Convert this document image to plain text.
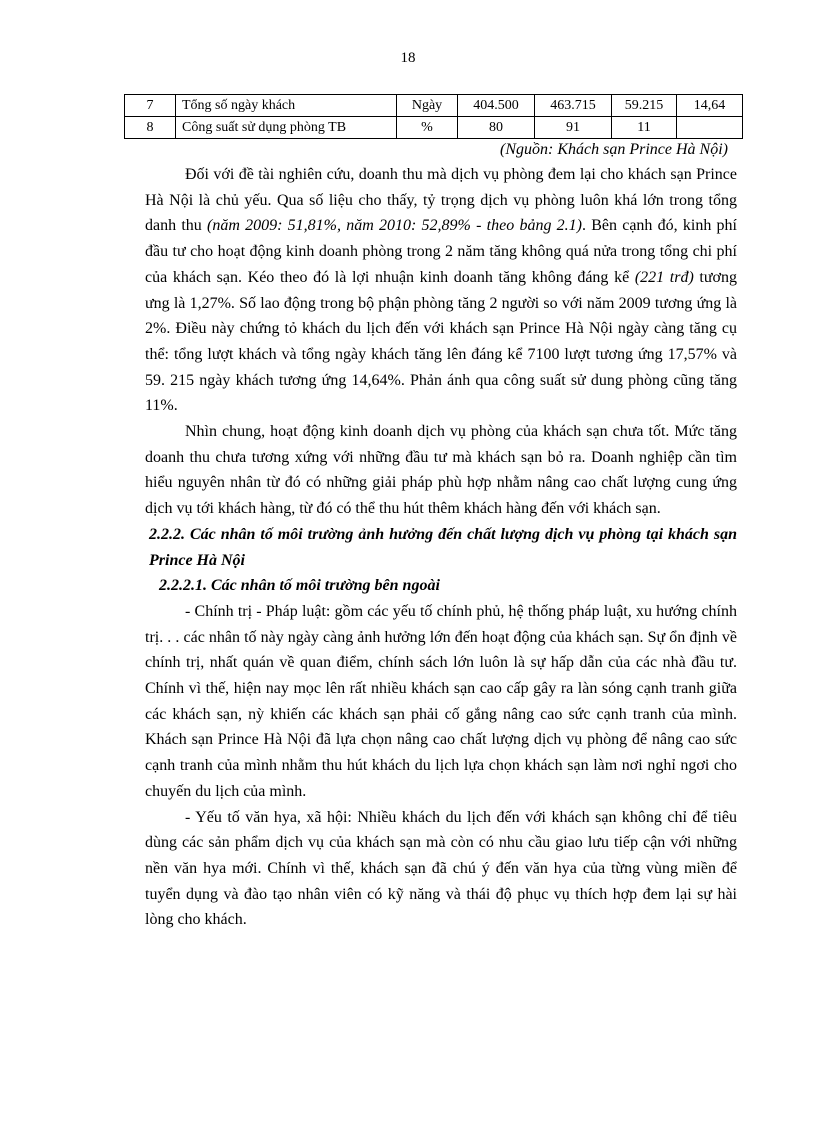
18
7	Tổng số ngày khách	Ngày	404.500	463.715	59.215	14,64
8	Công suất sử dụng phòng TB	%	80	91	11	
(Nguồn: Khách sạn Prince Hà Nội)

Đối với đề tài nghiên cứu, doanh thu mà dịch vụ phòng đem lại cho khách sạn Prince Hà Nội là chủ yếu. Qua số liệu cho thấy, tỷ trọng dịch vụ phòng luôn khá lớn trong tổng danh thu (năm 2009: 51,81%, năm 2010: 52,89% - theo bảng 2.1). Bên cạnh đó, kinh phí đầu tư cho hoạt động kinh doanh phòng trong 2 năm tăng không quá nửa trong tổng chi phí của khách sạn. Kéo theo đó là lợi nhuận kinh doanh tăng không đáng kể (221 trđ) tương ưng là 1,27%. Số lao động trong bộ phận phòng tăng 2 người so với năm 2009 tương ứng là 2%. Điều này chứng tỏ khách du lịch đến với khách sạn Prince Hà Nội ngày càng tăng cụ thể: tổng lượt khách và tổng ngày khách tăng lên đáng kể 7100 lượt tương ứng 17,57% và 59. 215 ngày khách tương ứng 14,64%. Phản ánh qua công suất sử dung phòng cũng tăng 11%.

Nhìn chung, hoạt động kinh doanh dịch vụ phòng của khách sạn chưa tốt. Mức tăng doanh thu chưa tương xứng với những đầu tư mà khách sạn bỏ ra. Doanh nghiệp cần tìm hiểu nguyên nhân từ đó có những giải pháp phù hợp nhằm nâng cao chất lượng cung ứng dịch vụ tới khách hàng, từ đó có thể thu hút thêm khách hàng đến với khách sạn.

2.2.2. Các nhân tố môi trường ảnh hưởng đến chất lượng dịch vụ phòng tại khách sạn Prince Hà Nội

2.2.2.1. Các nhân tố môi trường bên ngoài

- Chính trị - Pháp luật: gồm các yếu tố chính phủ, hệ thống pháp luật, xu hướng chính trị. . . các nhân tố này ngày càng ảnh hưởng lớn đến hoạt động của khách sạn. Sự ổn định về chính trị, nhất quán về quan điểm, chính sách lớn luôn là sự hấp dẫn của các nhà đầu tư. Chính vì thế, hiện nay mọc lên rất nhiều khách sạn cao cấp gây ra làn sóng cạnh tranh giữa các khách sạn, nỳ khiến các khách sạn phải cố gắng nâng cao sức cạnh tranh của mình. Khách sạn Prince Hà Nội đã lựa chọn nâng cao chất lượng dịch vụ phòng để nâng cao sức cạnh tranh của mình nhằm thu hút khách du lịch lựa chọn khách sạn làm nơi nghỉ ngơi cho chuyến du lịch của mình.

- Yếu tố văn hya, xã hội: Nhiều khách du lịch đến với khách sạn không chỉ để tiêu dùng các sản phẩm dịch vụ của khách sạn mà còn có nhu cầu giao lưu tiếp cận với những nền văn hya mới. Chính vì thế, khách sạn đã chú ý đến văn hya của từng vùng miền để tuyển dụng và đào tạo nhân viên có kỹ năng và thái độ phục vụ thích hợp đem lại sự hài lòng cho khách.
